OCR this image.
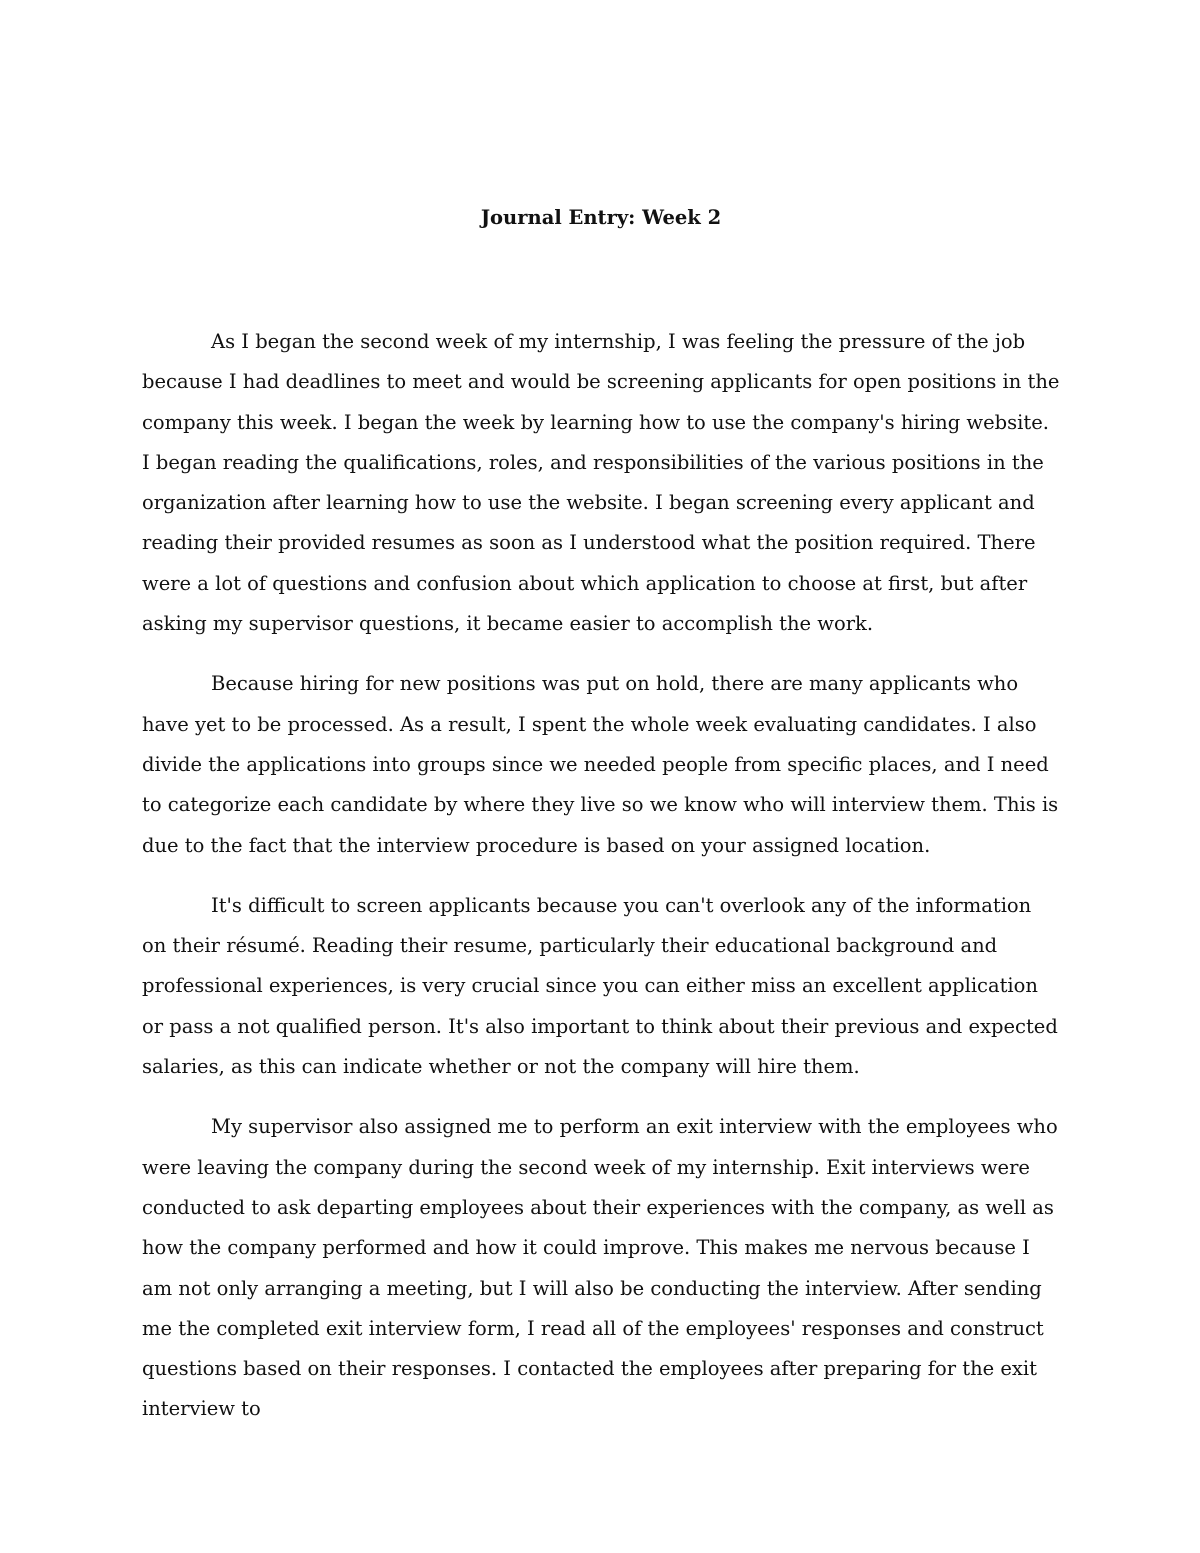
Journal Entry: Week 2

As I began the second week of my internship, I was feeling the pressure of the job because I had deadlines to meet and would be screening applicants for open positions in the company this week. I began the week by learning how to use the company's hiring website. I began reading the qualifications, roles, and responsibilities of the various positions in the organization after learning how to use the website. I began screening every applicant and reading their provided resumes as soon as I understood what the position required. There were a lot of questions and confusion about which application to choose at first, but after asking my supervisor questions, it became easier to accomplish the work.

Because hiring for new positions was put on hold, there are many applicants who have yet to be processed. As a result, I spent the whole week evaluating candidates. I also divide the applications into groups since we needed people from specific places, and I need to categorize each candidate by where they live so we know who will interview them. This is due to the fact that the interview procedure is based on your assigned location.

It's difficult to screen applicants because you can't overlook any of the information on their résumé. Reading their resume, particularly their educational background and professional experiences, is very crucial since you can either miss an excellent application or pass a not qualified person. It's also important to think about their previous and expected salaries, as this can indicate whether or not the company will hire them.

My supervisor also assigned me to perform an exit interview with the employees who were leaving the company during the second week of my internship. Exit interviews were conducted to ask departing employees about their experiences with the company, as well as how the company performed and how it could improve. This makes me nervous because I am not only arranging a meeting, but I will also be conducting the interview. After sending me the completed exit interview form, I read all of the employees' responses and construct questions based on their responses. I contacted the employees after preparing for the exit interview to
